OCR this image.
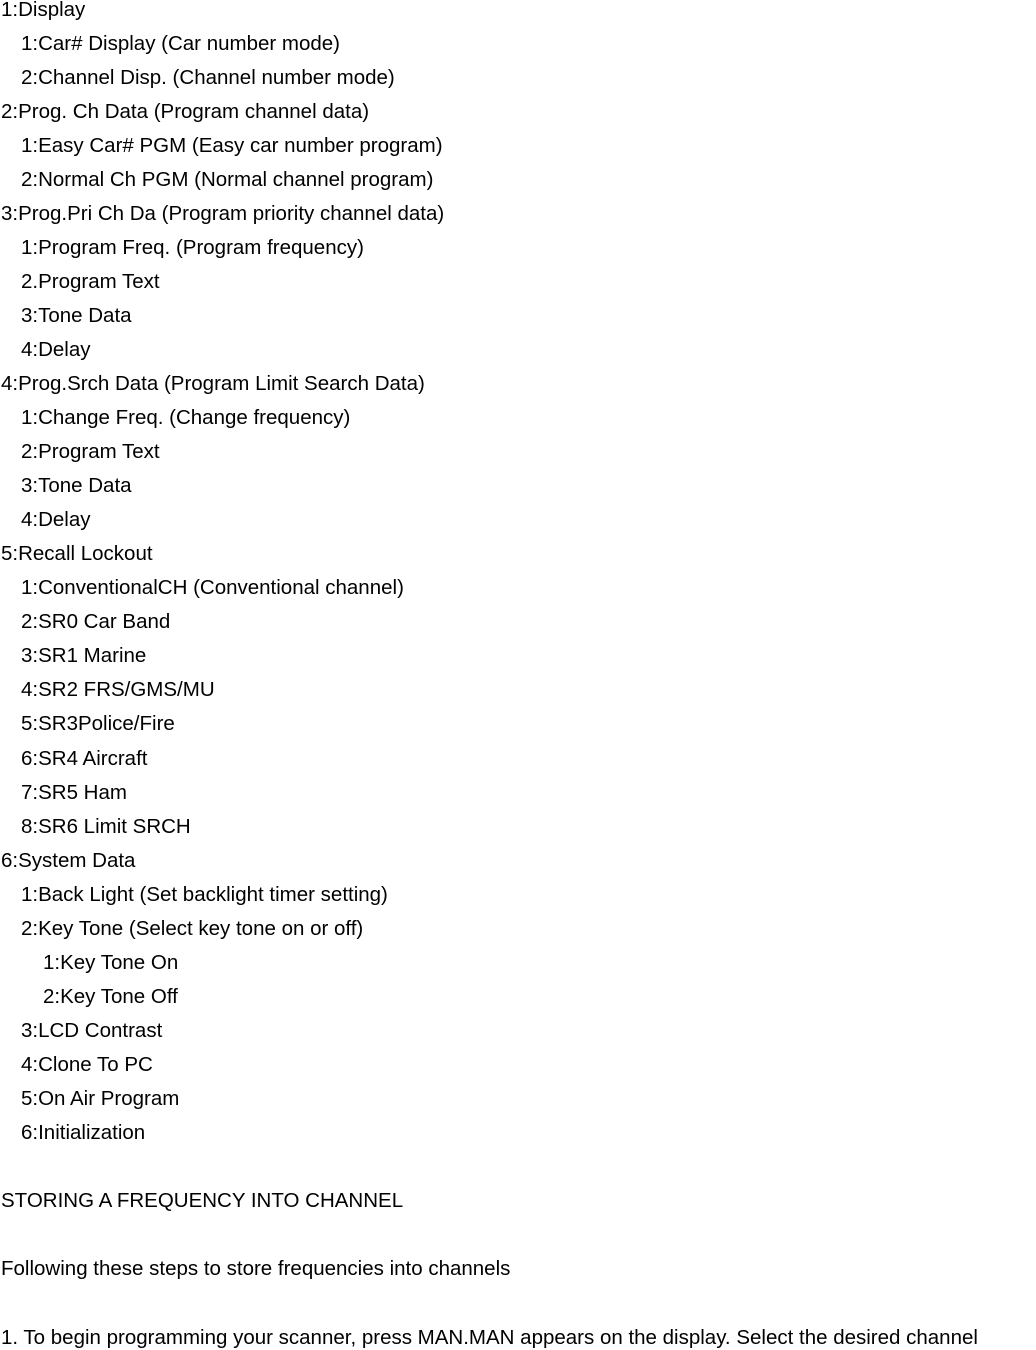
1:Display
1:Car# Display (Car number mode)
2:Channel Disp. (Channel number mode)
2:Prog. Ch Data (Program channel data)
1:Easy Car# PGM (Easy car number program)
2:Normal Ch PGM (Normal channel program)
3:Prog.Pri Ch Da (Program priority channel data)
1:Program Freq. (Program frequency)
2.Program Text
3:Tone Data
4:Delay
4:Prog.Srch Data (Program Limit Search Data)
1:Change Freq. (Change frequency)
2:Program Text
3:Tone Data
4:Delay
5:Recall Lockout
1:ConventionalCH (Conventional channel)
2:SR0 Car Band
3:SR1 Marine
4:SR2 FRS/GMS/MU
5:SR3Police/Fire
6:SR4 Aircraft
7:SR5 Ham
8:SR6 Limit SRCH
6:System Data
1:Back Light (Set backlight timer setting)
2:Key Tone (Select key tone on or off)
1:Key Tone On
2:Key Tone Off
3:LCD Contrast
4:Clone To PC
5:On Air Program
6:Initialization
STORING A FREQUENCY INTO CHANNEL
Following these steps to store frequencies into channels
1. To begin programming your scanner, press MAN.MAN appears on the display. Select the desired channel
